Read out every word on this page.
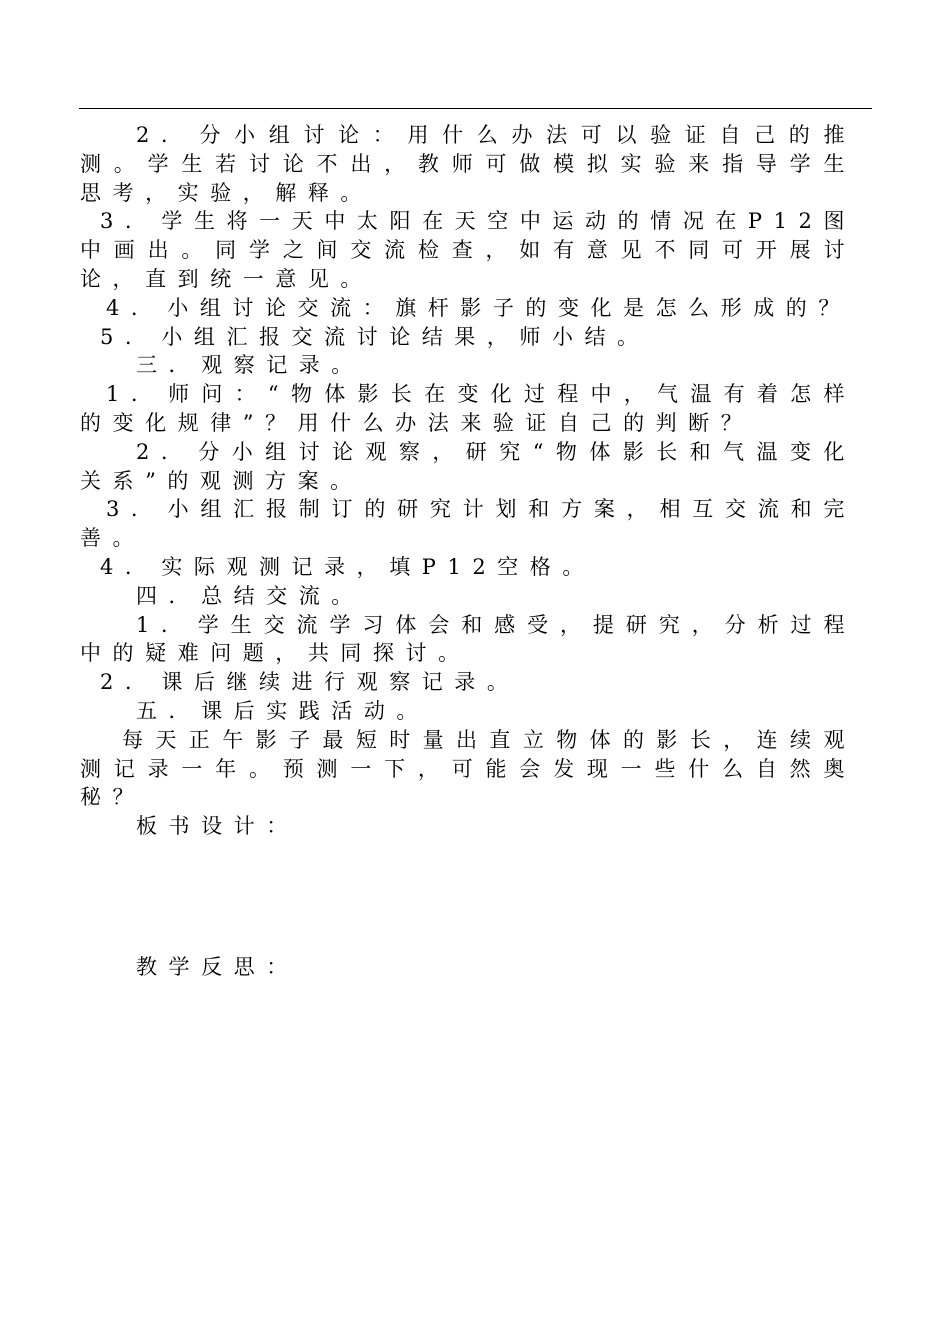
2. 分小组讨论：用什么办法可以验证自己的推测。学生若讨论不出，教师可做模拟实验来指导学生思考，实验，解释。

3. 学生将一天中太阳在天空中运动的情况在P12图中画出。同学之间交流检查，如有意见不同可开展讨论，直到统一意见。

4. 小组讨论交流：旗杆影子的变化是怎么形成的？

5. 小组汇报交流讨论结果，师小结。

三．观察记录。

1. 师问：“物体影长在变化过程中，气温有着怎样的变化规律”？用什么办法来验证自己的判断？

2. 分小组讨论观察，研究“物体影长和气温变化关系”的观测方案。

3. 小组汇报制订的研究计划和方案，相互交流和完善。

4. 实际观测记录，填P12空格。

四．总结交流。

1. 学生交流学习体会和感受，提研究，分析过程中的疑难问题，共同探讨。

2. 课后继续进行观察记录。

五．课后实践活动。

每天正午影子最短时量出直立物体的影长，连续观测记录一年。预测一下，可能会发现一些什么自然奥秘？

板书设计：

教学反思：
